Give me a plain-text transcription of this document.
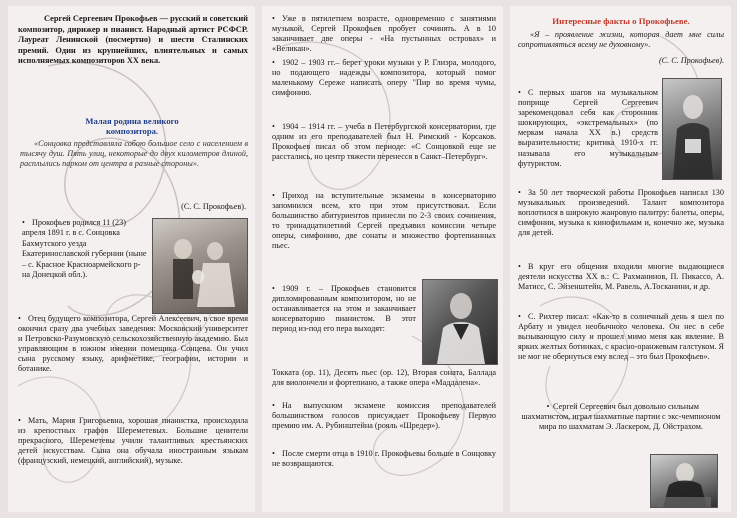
Сергей Сергеевич Прокофьев — русский и советский композитор, дирижер и пианист. Народный артист РСФСР. Лауреат Ленинской (посмертно) и шести Сталинских премий. Один из крупнейших, влиятельных и самых исполняемых композиторов XX века.
Малая родина великого
композитора.
«Сонцовка представляла собою большое село с населением в тысячу душ. Пять улиц, некоторые до двух километров длиной, расплылись парком от центра в разные стороны».
(С. С. Прокофьев).
• Прокофьев родился 11 (23) апреля 1891 г. в с. Сонцовка Бахмутского уезда Екатеринославской губернии (ныне – с. Красное Красноармейского р-на Донецкой обл.).
• Отец будущего композитора, Сергей Алексеевич, в свое время окончил сразу два учебных заведения: Московский университет и Петровско-Разумовскую сельскохозяйственную академию. Был управляющим в южном имении помещика Сонцева. Он учил сына русскому языку, арифметике, географии, истории и ботанике.
• Мать, Мария Григорьевна, хорошая пианистка, происходила из крепостных графов Шереметевых. Большие ценители прекрасного, Шереметевы учили талантливых крестьянских детей искусствам. Сына она обучала иностранным языкам (французский, немецкий, английский), музыке.
• Уже в пятилетнем возрасте, одновременно с занятиями музыкой, Сергей Прокофьев пробует сочинять. А в 10 заканчивает две оперы - «На пустынных островах» и «Великан».
• 1902 – 1903 гг.– берет уроки музыки у Р. Глиэра, молодого, но подающего надежды композитора, который помог маленькому Сереже написать оперу "Пир во время чумы, симфонию.
• 1904 – 1914 гг. – учеба в Петербургской консерватории, где одним из его преподавателей был Н. Римский - Корсаков. Прокофьев писал об этом периоде: «С Сонцовкой еще не расстались, но центр тяжести перенесся в Санкт–Петербург».
• Приход на вступительные экзамены в консерваторию запомнился всем, кто при этом присутствовал. Если большинство абитуриентов принесли по 2-3 своих сочинения, то тринадцатилетний Сергей предъявил комиссии четыре оперы, симфонию, две сонаты и множество фортепианных пьес.
• 1909 г. – Прокофьев становится дипломированным композитором, но не останавливается на этом и заканчивает консерваторию пианистом. В этот период из-под его пера выходят:
Токката (ор. 11), Десять пьес (ор. 12), Вторая соната, Баллада для виолончели и фортепиано, а также опера «Маддалена».
• На выпускном экзамене комиссия преподавателей большинством голосов присуждает Прокофьеву Первую премию им. А. Рубинштейна (рояль «Шредер»).
• После смерти отца в 1910 г. Прокофьевы больше в Сонцовку не возвращаются.
Интересные факты о Прокофьеве.
«Я – проявление жизни, которая дает мне силы сопротивляться всему не духовному».
(С. С. Прокофьев).
• С первых шагов на музыкальном поприще Сергей Сергеевич зарекомендовал себя как сторонник шокирующих, «экстремальных» (по меркам начала XX в.) средств выразительности; критика 1910-х гг. называла его музыкальным футуристом.
• За 50 лет творческой работы Прокофьев написал 130 музыкальных произведений. Талант композитора воплотился в широкую жанровую палитру: балеты, оперы, симфонии, музыка к кинофильмам и, конечно же, музыка для детей.
• В круг его общения входили многие выдающиеся деятели искусства XX в.: С. Рахманинов, П. Пикассо, А. Матисс, С. Эйзенштейн, М. Равель, А.Тосканини, и др.
• С. Рихтер писал: «Как-то в солнечный день я шел по Арбату и увидел необычного человека. Он нес в себе вызывающую силу и прошел мимо меня как явление. В ярких желтых ботинках, с красно-оранжевым галстуком. Я не мог не обернуться ему вслед – это был Прокофьев».
• Сергей Сергеевич был довольно сильным шахматистом, играл шахматные партии с экс-чемпионом мира по шахматам Э. Ласкером, Д. Ойстрахом.
